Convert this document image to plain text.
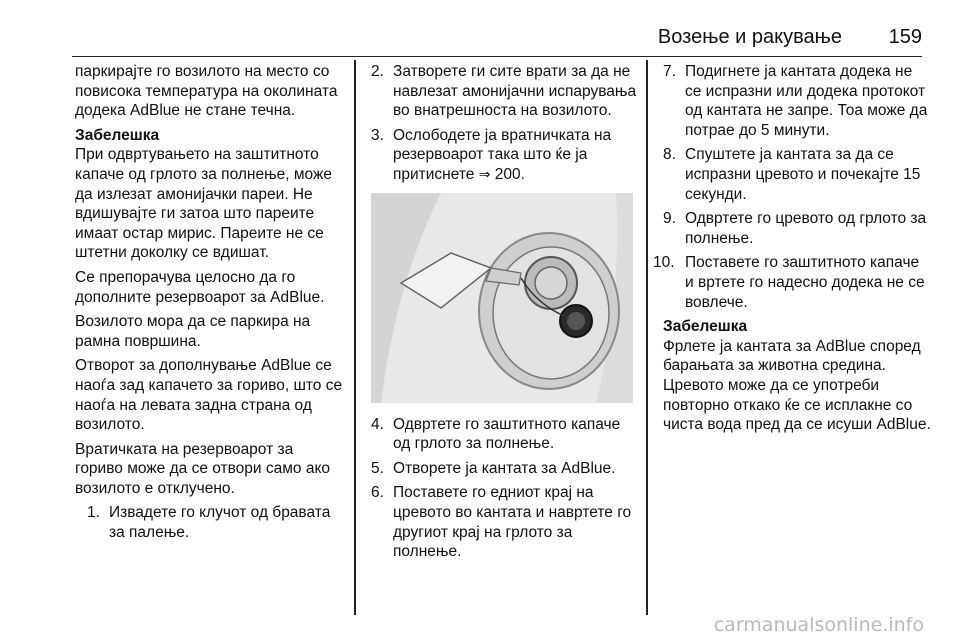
Возење и ракување 159

паркирајте го возилото на место со повисока температура на околината додека AdBlue не стане течна.

Забелешка

При одвртувањето на заштитното капаче од грлото за полнење, може да излезат амонијачки пареи. Не вдишувајте ги затоа што пареите имаат остар мирис. Пареите не се штетни доколку се вдишат.

Се препорачува целосно да го дополните резервоарот за AdBlue.

Возилото мора да се паркира на рамна површина.

Отворот за дополнување AdBlue се наоѓа зад капачето за гориво, што се наоѓа на левата задна страна од возилото.

Вратичката на резервоарот за гориво може да се отвори само ако возилото е отклучено.

1. Извадете го клучот од бравата за палење.
2. Затворете ги сите врати за да не навлезат амонијачни испарувања во внатрешноста на возилото.
3. Ослободете ја вратничката на резервоарот така што ќе ја притиснете ⇒ 200.
4. Одвртете го заштитното капаче од грлото за полнење.
5. Отворете ја кантата за AdBlue.
6. Поставете го едниот крај на цревото во кантата и навртете го другиот крај на грлото за полнење.
7. Подигнете ја кантата додека не се испразни или додека протокот од кантата не запре. Тоа може да потрае до 5 минути.
8. Спуштете ја кантата за да се испразни цревото и почекајте 15 секунди.
9. Одвртете го цревото од грлото за полнење.
10. Поставете го заштитното капаче и вртете го надесно додека не се вовлече.

Забелешка

Фрлете ја кантата за AdBlue според барањата за животна средина. Цревото може да се употреби повторно откако ќе се исплакне со чиста вода пред да се исуши AdBlue.

carmanualsonline.info
